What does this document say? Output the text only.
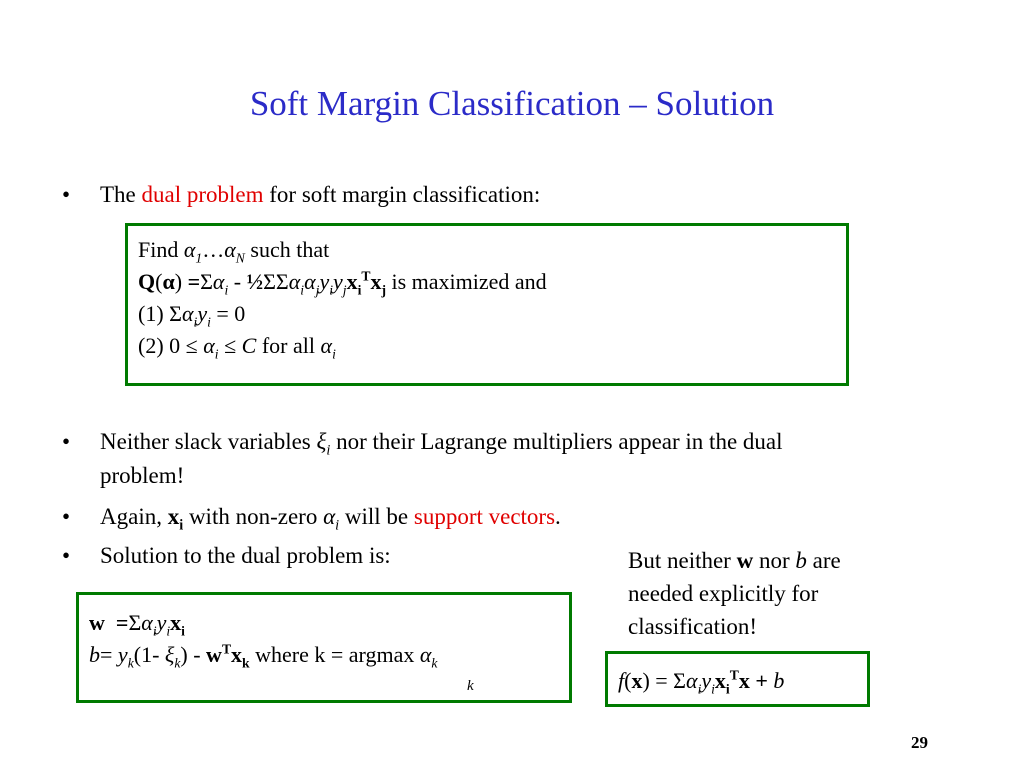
Soft Margin Classification – Solution
• The dual problem for soft margin classification:
Find $\alpha_1\dots\alpha_N$ such that
$Q(\alpha) =\Sigma\alpha_i$ - $\frac{1}{2}\Sigma\Sigma\alpha_i\alpha_jy_iy_jx_i^Tx_j$ is maximized and
(1) $\Sigma\alpha_iy_i = 0$
(2) $0 \le \alpha_i \le C$ for all $\alpha_i$
• Neither slack variables $\xi_i$ nor their Lagrange multipliers appear in the dual
problem!
• Again, $x_i$ with non-zero $\alpha_i$ will be support vectors.
• Solution to the dual problem is:	But neither w nor b are
needed explicitly for
classification!
$w =\Sigma\alpha_iy_ix_i$
$b= y_k(1-$ $\xi_k) - w^Tx_k$ where k = argmax $\alpha_k$
k	$f(x) = \Sigma\alpha_iy_ix_i^Tx + b$
29
